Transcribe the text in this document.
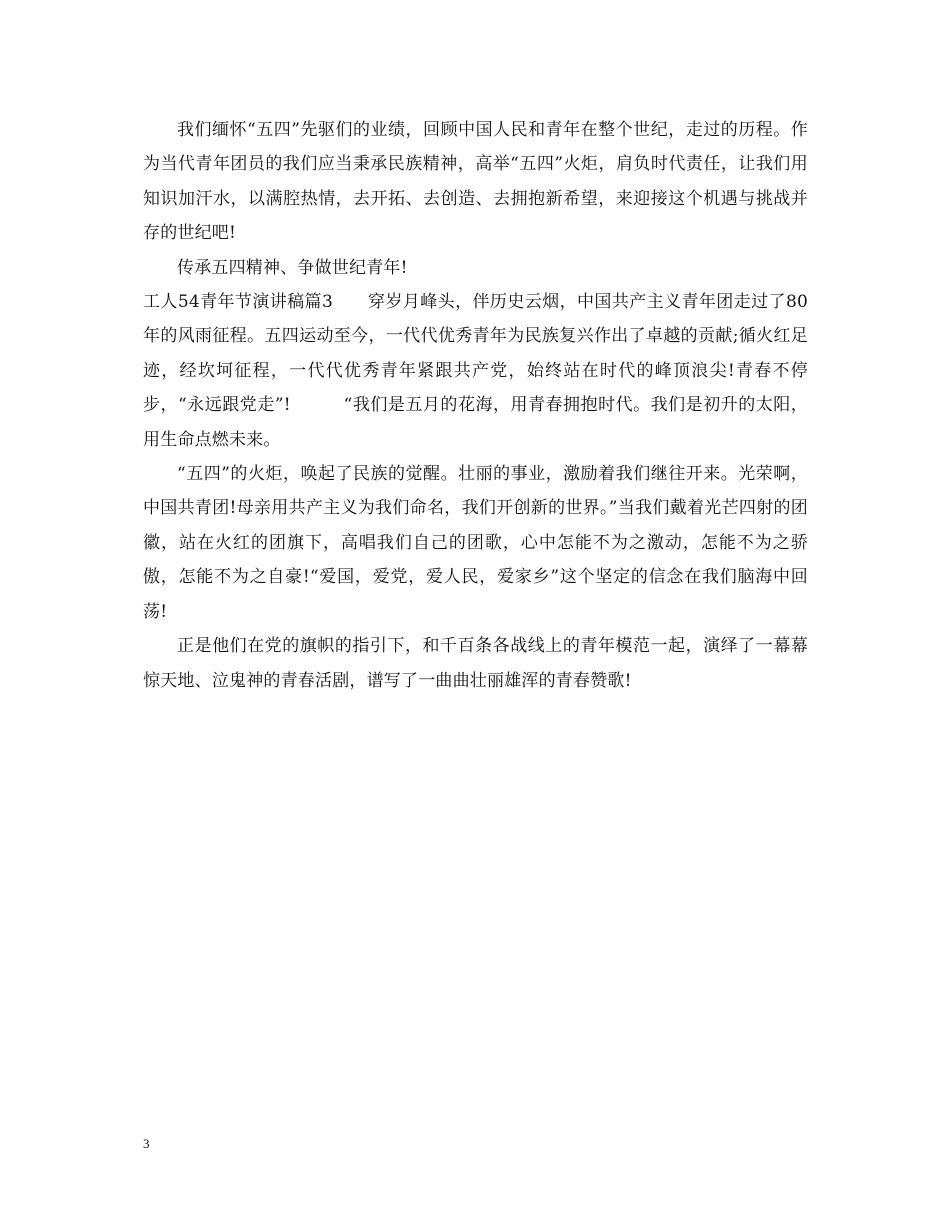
我们缅怀“五四”先驱们的业绩，回顾中国人民和青年在整个世纪，走过的历程。作为当代青年团员的我们应当秉承民族精神，高举“五四”火炬，肩负时代责任，让我们用知识加汗水，以满腔热情，去开拓、去创造、去拥抱新希望，来迎接这个机遇与挑战并存的世纪吧!

传承五四精神、争做世纪青年!

工人54青年节演讲稿篇3　　穿岁月峰头，伴历史云烟，中国共产主义青年团走过了80年的风雨征程。五四运动至今，一代代优秀青年为民族复兴作出了卓越的贡献;循火红足迹，经坎坷征程，一代代优秀青年紧跟共产党，始终站在时代的峰顶浪尖!青春不停步，“永远跟党走”!　　　“我们是五月的花海，用青春拥抱时代。我们是初升的太阳，用生命点燃未来。

“五四”的火炬，唤起了民族的觉醒。壮丽的事业，激励着我们继往开来。光荣啊，中国共青团!母亲用共产主义为我们命名，我们开创新的世界。”当我们戴着光芒四射的团徽，站在火红的团旗下，高唱我们自己的团歌，心中怎能不为之激动，怎能不为之骄傲，怎能不为之自豪!“爱国，爱党，爱人民，爱家乡”这个坚定的信念在我们脑海中回荡!

正是他们在党的旗帜的指引下，和千百条各战线上的青年模范一起，演绎了一幕幕惊天地、泣鬼神的青春活剧，谱写了一曲曲壮丽雄浑的青春赞歌!

3
